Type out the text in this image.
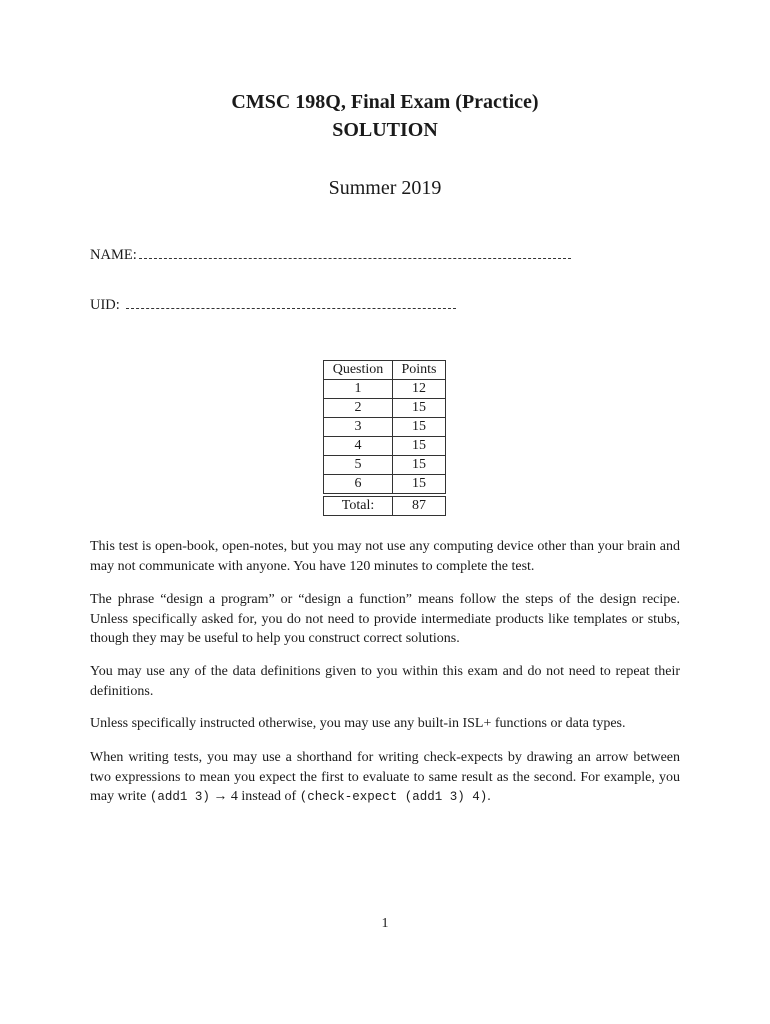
CMSC 198Q, Final Exam (Practice)
SOLUTION
Summer 2019
NAME:
UID:
Question	Points
1	12
2	15
3	15
4	15
5	15
6	15

Total:	87

This test is open-book, open-notes, but you may not use any computing device other than your brain and may not communicate with anyone. You have 120 minutes to complete the test.

The phrase “design a program” or “design a function” means follow the steps of the design recipe. Unless specifically asked for, you do not need to provide intermediate products like templates or stubs, though they may be useful to help you construct correct solutions.

You may use any of the data definitions given to you within this exam and do not need to repeat their definitions.

Unless specifically instructed otherwise, you may use any built-in ISL+ functions or data types.

When writing tests, you may use a shorthand for writing check-expects by drawing an arrow between two expressions to mean you expect the first to evaluate to same result as the second. For example, you may write (add1 3) → 4 instead of (check-expect (add1 3) 4).

1
